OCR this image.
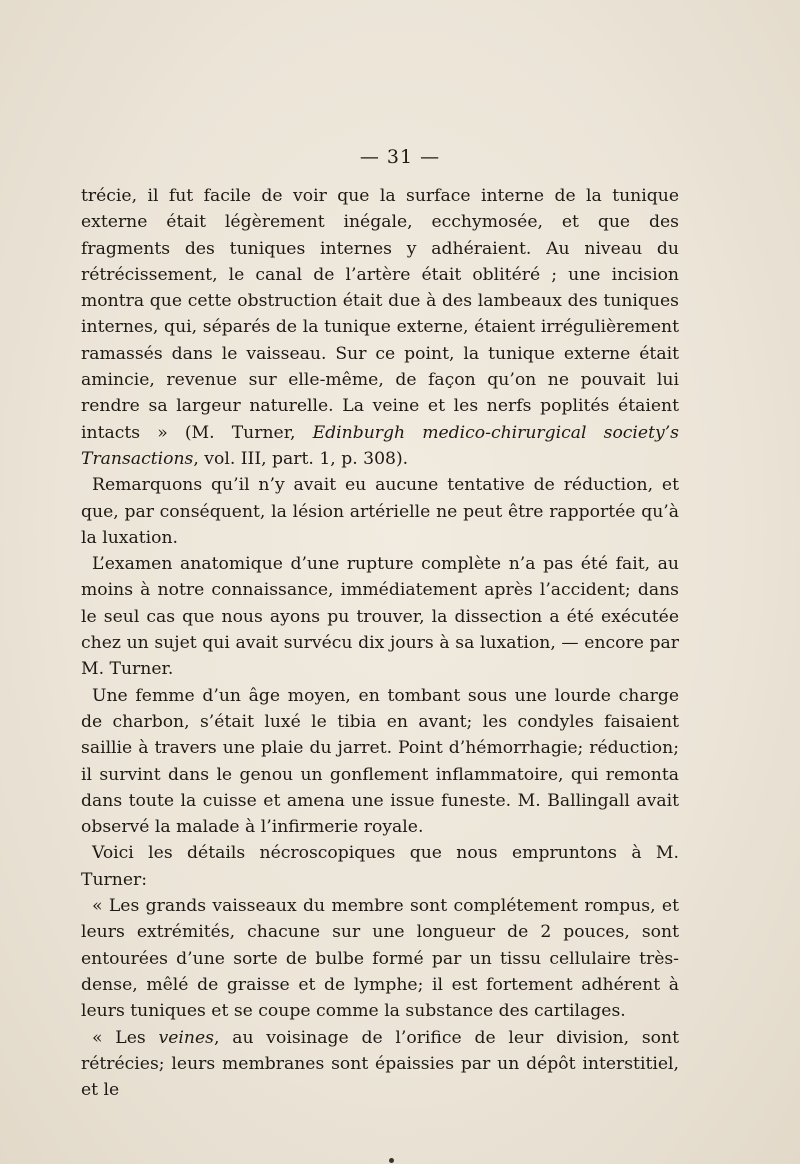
— 31 —

trécie, il fut facile de voir que la surface interne de la tunique externe était légèrement inégale, ecchymosée, et que des fragments des tuniques internes y adhéraient. Au niveau du rétrécissement, le canal de l’artère était oblitéré ; une incision montra que cette obstruction était due à des lambeaux des tuniques internes, qui, séparés de la tunique externe, étaient irrégulièrement ramassés dans le vaisseau. Sur ce point, la tunique externe était amincie, revenue sur elle-même, de façon qu’on ne pouvait lui rendre sa largeur naturelle. La veine et les nerfs poplités étaient intacts » (M. Turner, Edinburgh medico-chirurgical society’s Transactions, vol. III, part. 1, p. 308).

Remarquons qu’il n’y avait eu aucune tentative de réduction, et que, par conséquent, la lésion artérielle ne peut être rapportée qu’à la luxation.

L’examen anatomique d’une rupture complète n’a pas été fait, au moins à notre connaissance, immédiatement après l’accident; dans le seul cas que nous ayons pu trouver, la dissection a été exécutée chez un sujet qui avait survécu dix jours à sa luxation, — encore par M. Turner.

Une femme d’un âge moyen, en tombant sous une lourde charge de charbon, s’était luxé le tibia en avant; les condyles faisaient saillie à travers une plaie du jarret. Point d’hémorrhagie; réduction; il survint dans le genou un gonflement inflammatoire, qui remonta dans toute la cuisse et amena une issue funeste. M. Ballingall avait observé la malade à l’infirmerie royale.

Voici les détails nécroscopiques que nous empruntons à M. Turner:

« Les grands vaisseaux du membre sont complétement rompus, et leurs extrémités, chacune sur une longueur de 2 pouces, sont entourées d’une sorte de bulbe formé par un tissu cellulaire très-dense, mêlé de graisse et de lymphe; il est fortement adhérent à leurs tuniques et se coupe comme la substance des cartilages.

« Les veines, au voisinage de l’orifice de leur division, sont rétrécies; leurs membranes sont épaissies par un dépôt interstitiel, et le
